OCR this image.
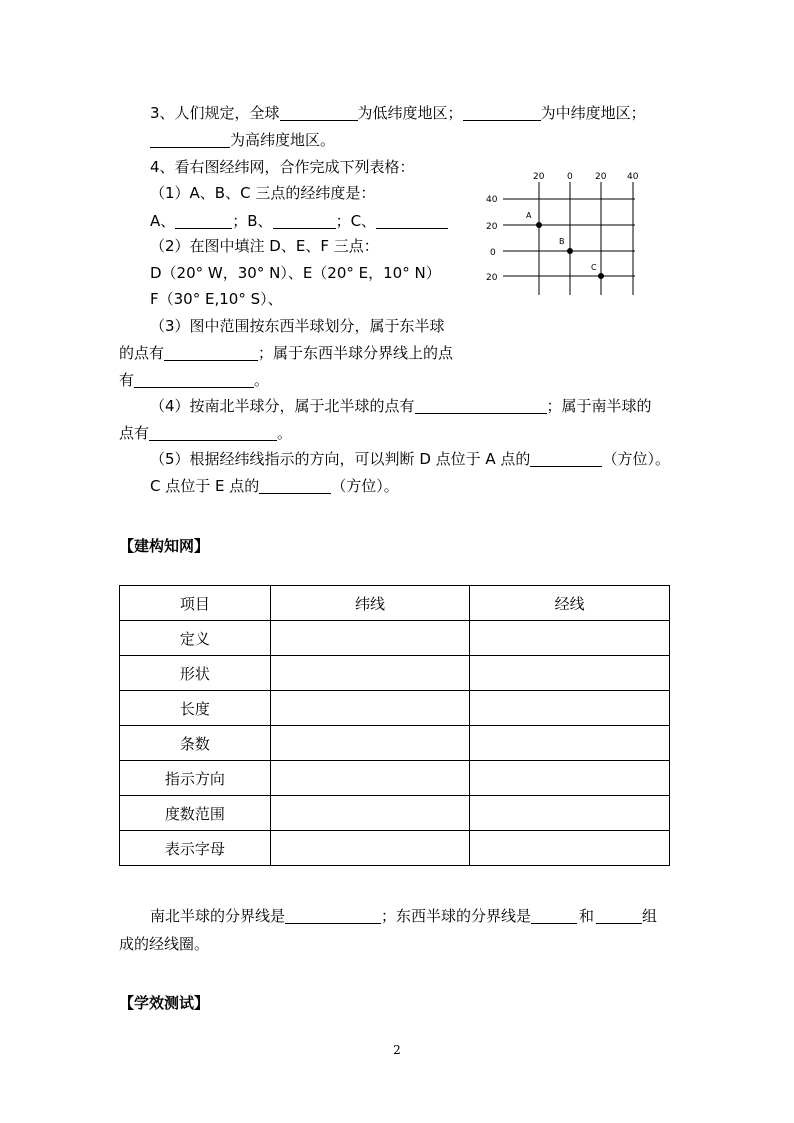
3、人们规定，全球	为低纬度地区；	为中纬度地区；
为高纬度地区。
4、看右图经纬网，合作完成下列表格：
（1）A、B、C 三点的经纬度是：
A、	；B、	；C、
（2）在图中填注 D、E、F 三点：
D（20° W，30° N）、E（20° E，10° N）
F（30° E,10° S）、
（3）图中范围按东西半球划分，属于东半球
的点有	；属于东西半球分界线上的点
有	。
（4）按南北半球分，属于北半球的点有	；属于南半球的
点有	。
（5）根据经纬线指示的方向，可以判断 D 点位于 A 点的	（方位）。
C 点位于 E 点的	（方位）。
20	0 20 40
40
20
0
20
A
B
C
【建构知网】
项目	纬线	经线
定义		
形状		
长度		
条数		
指示方向		
度数范围		
表示字母		
南北半球的分界线是	；东西半球的分界线是	和	组
成的经线圈。
【学效测试】
2
